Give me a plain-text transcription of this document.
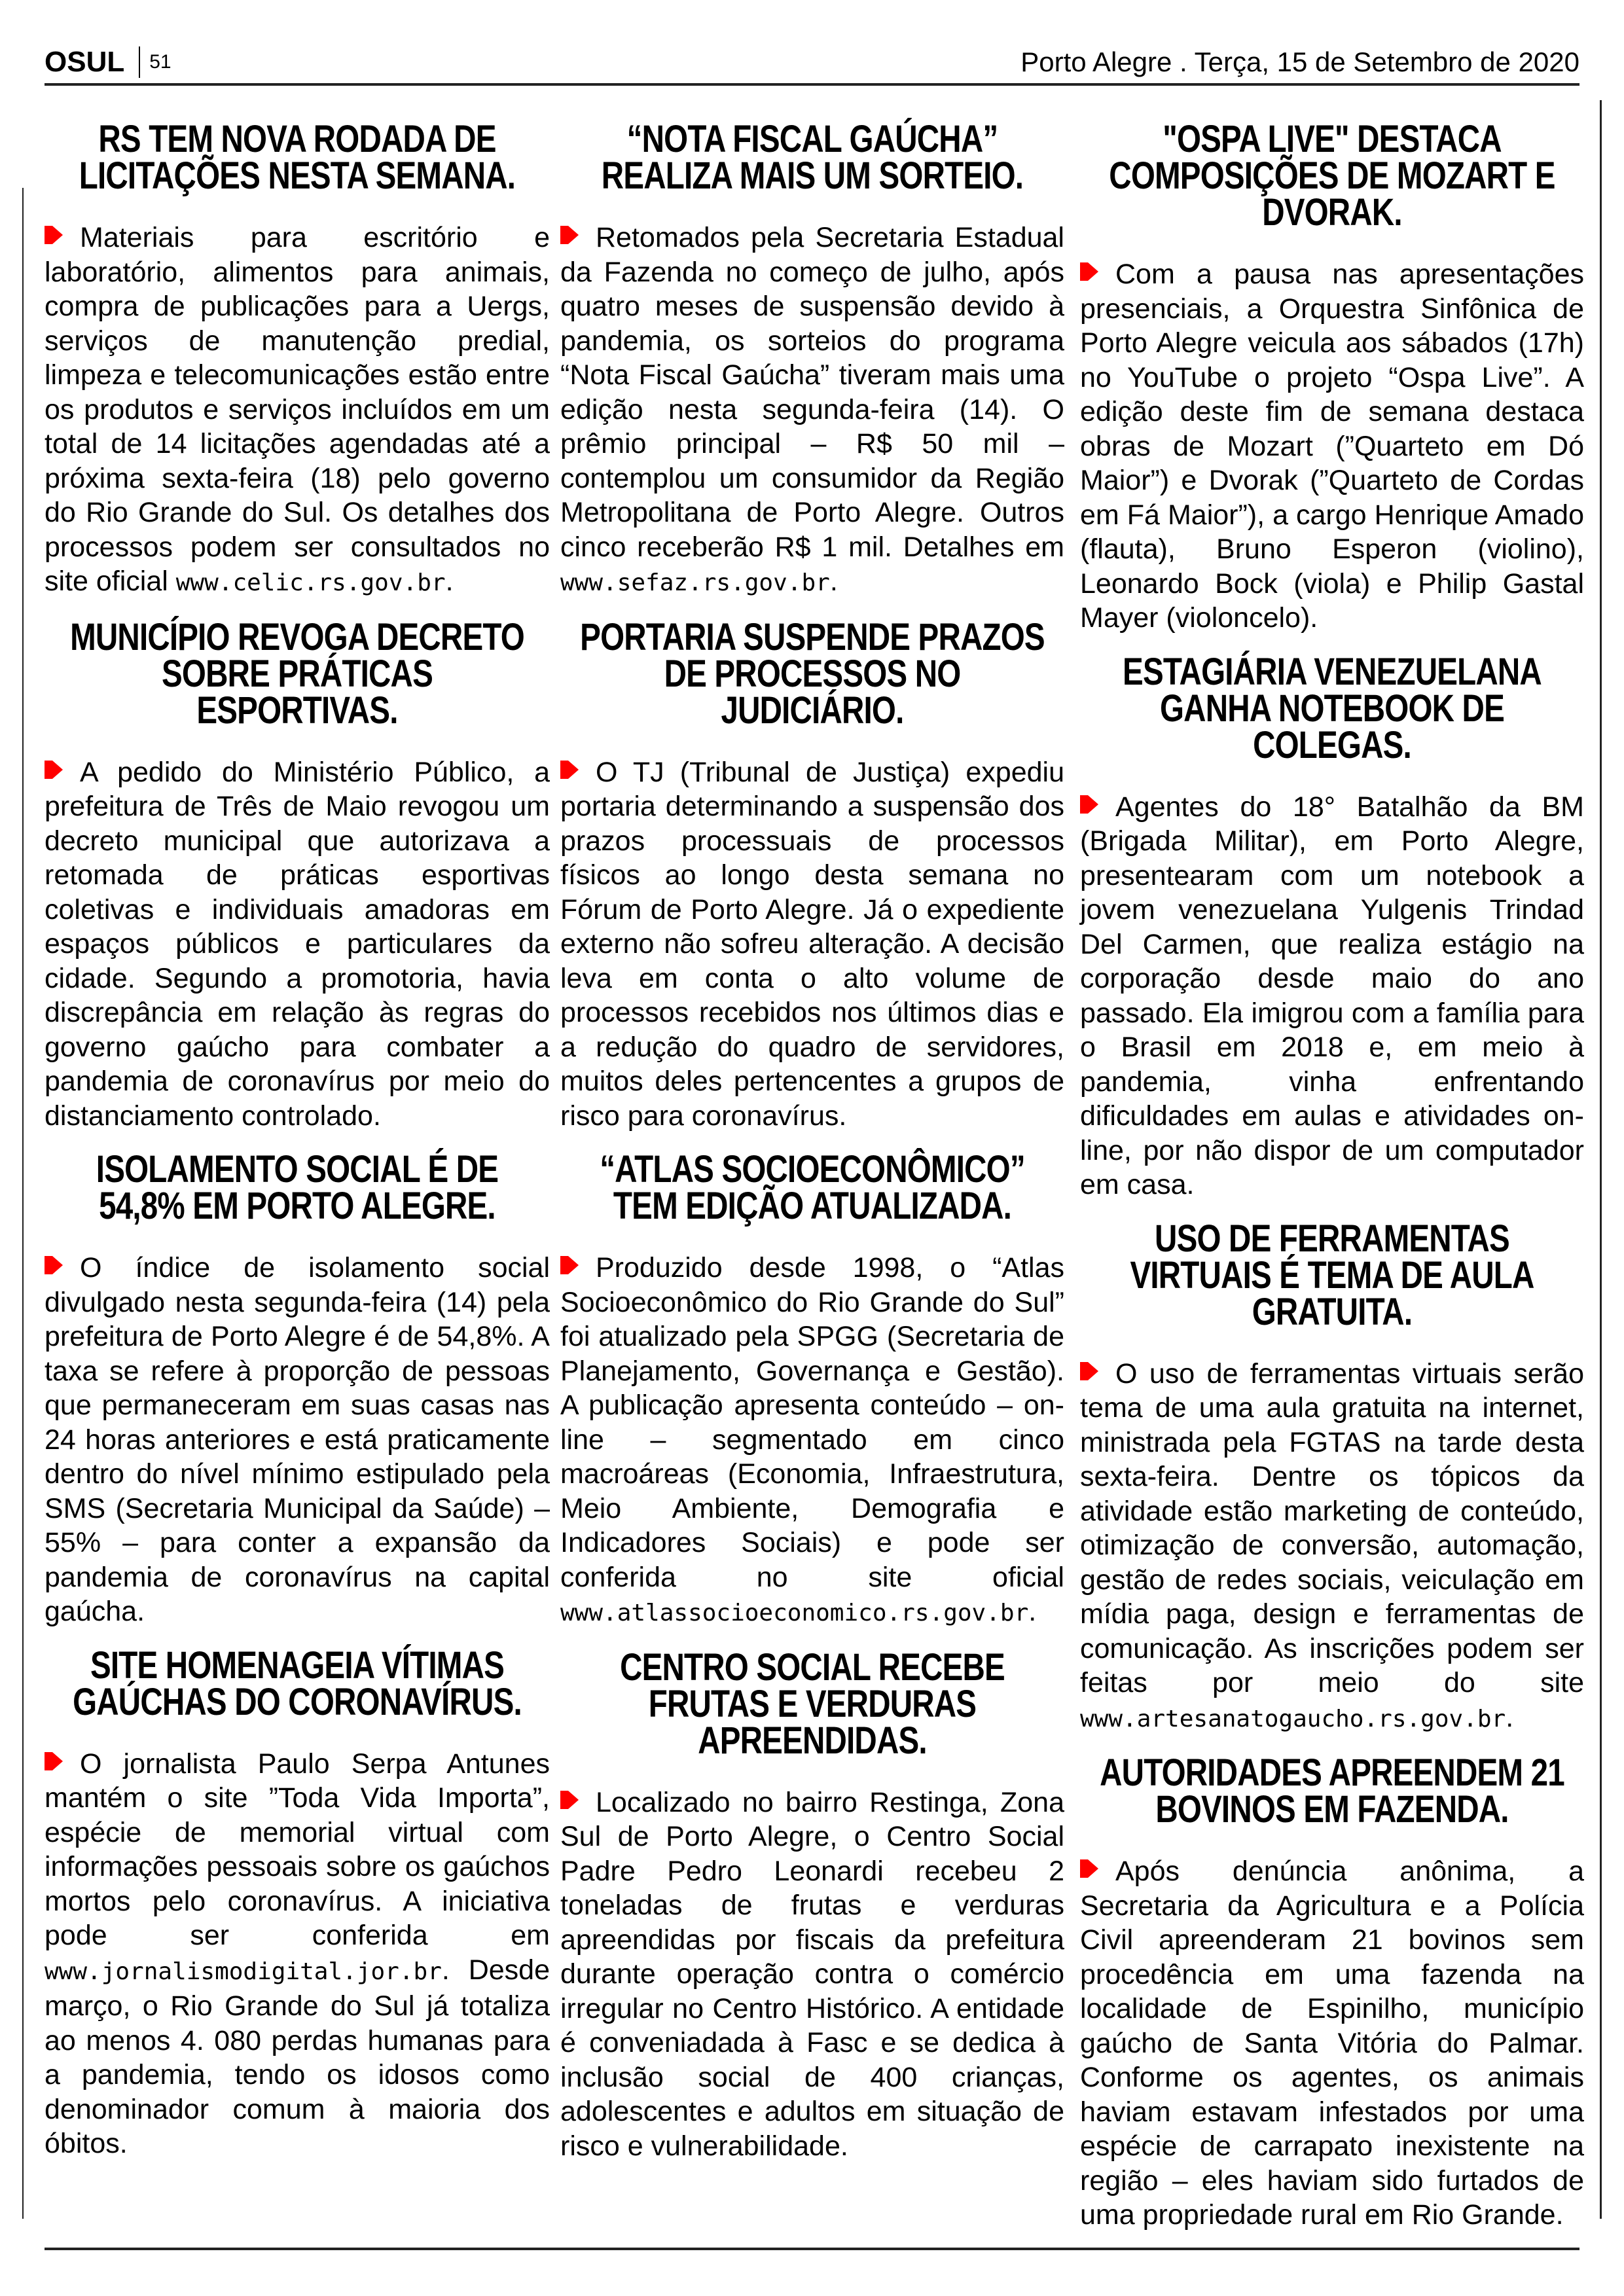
OSUL 51	Porto Alegre . Terça, 15 de Setembro de 2020
RS TEM NOVA RODADA DE LICITAÇÕES NESTA SEMANA.
Materiais para escritório e laboratório, alimentos para animais, compra de publicações para a Uergs, serviços de manutenção predial, limpeza e telecomunicações estão entre os produtos e serviços incluídos em um total de 14 licitações agendadas até a próxima sexta-feira (18) pelo governo do Rio Grande do Sul. Os detalhes dos processos podem ser consultados no site oficial www.celic.rs.gov.br.
MUNICÍPIO REVOGA DECRETO SOBRE PRÁTICAS ESPORTIVAS.
A pedido do Ministério Público, a prefeitura de Três de Maio revogou um decreto municipal que autorizava a retomada de práticas esportivas coletivas e individuais amadoras em espaços públicos e particulares da cidade. Segundo a promotoria, havia discrepância em relação às regras do governo gaúcho para combater a pandemia de coronavírus por meio do distanciamento controlado.
ISOLAMENTO SOCIAL É DE 54,8% EM PORTO ALEGRE.
O índice de isolamento social divulgado nesta segunda-feira (14) pela prefeitura de Porto Alegre é de 54,8%. A taxa se refere à proporção de pessoas que permaneceram em suas casas nas 24 horas anteriores e está praticamente dentro do nível mínimo estipulado pela SMS (Secretaria Municipal da Saúde) – 55% – para conter a expansão da pandemia de coronavírus na capital gaúcha.
SITE HOMENAGEIA VÍTIMAS GAÚCHAS DO CORONAVÍRUS.
O jornalista Paulo Serpa Antunes mantém o site ”Toda Vida Importa”, espécie de memorial virtual com informações pessoais sobre os gaúchos mortos pelo coronavírus. A iniciativa pode ser conferida em www.jornalismodigital.jor.br. Desde março, o Rio Grande do Sul já totaliza ao menos 4. 080 perdas humanas para a pandemia, tendo os idosos como denominador comum à maioria dos óbitos.
“NOTA FISCAL GAÚCHA” REALIZA MAIS UM SORTEIO.
Retomados pela Secretaria Estadual da Fazenda no começo de julho, após quatro meses de suspensão devido à pandemia, os sorteios do programa “Nota Fiscal Gaúcha” tiveram mais uma edição nesta segunda-feira (14). O prêmio principal – R$ 50 mil – contemplou um consumidor da Região Metropolitana de Porto Alegre. Outros cinco receberão R$ 1 mil. Detalhes em www.sefaz.rs.gov.br.
PORTARIA SUSPENDE PRAZOS DE PROCESSOS NO JUDICIÁRIO.
O TJ (Tribunal de Justiça) expediu portaria determinando a suspensão dos prazos processuais de processos físicos ao longo desta semana no Fórum de Porto Alegre. Já o expediente externo não sofreu alteração. A decisão leva em conta o alto volume de processos recebidos nos últimos dias e a redução do quadro de servidores, muitos deles pertencentes a grupos de risco para coronavírus.
“ATLAS SOCIOECONÔMICO” TEM EDIÇÃO ATUALIZADA.
Produzido desde 1998, o “Atlas Socioeconômico do Rio Grande do Sul” foi atualizado pela SPGG (Secretaria de Planejamento, Governança e Gestão). A publicação apresenta conteúdo – on-line – segmentado em cinco macroáreas (Economia, Infraestrutura, Meio Ambiente, Demografia e Indicadores Sociais) e pode ser conferida no site oficial www.atlassocioeconomico.rs.gov.br.
CENTRO SOCIAL RECEBE FRUTAS E VERDURAS APREENDIDAS.
Localizado no bairro Restinga, Zona Sul de Porto Alegre, o Centro Social Padre Pedro Leonardi recebeu 2 toneladas de frutas e verduras apreendidas por fiscais da prefeitura durante operação contra o comércio irregular no Centro Histórico. A entidade é conveniadada à Fasc e se dedica à inclusão social de 400 crianças, adolescentes e adultos em situação de risco e vulnerabilidade.
"OSPA LIVE" DESTACA COMPOSIÇÕES DE MOZART E DVORAK.
Com a pausa nas apresentações presenciais, a Orquestra Sinfônica de Porto Alegre veicula aos sábados (17h) no YouTube o projeto “Ospa Live”. A edição deste fim de semana destaca obras de Mozart (”Quarteto em Dó Maior”) e Dvorak (”Quarteto de Cordas em Fá Maior”), a cargo Henrique Amado (flauta), Bruno Esperon (violino), Leonardo Bock (viola) e Philip Gastal Mayer (violoncelo).
ESTAGIÁRIA VENEZUELANA GANHA NOTEBOOK DE COLEGAS.
Agentes do 18° Batalhão da BM (Brigada Militar), em Porto Alegre, presentearam com um notebook a jovem venezuelana Yulgenis Trindad Del Carmen, que realiza estágio na corporação desde maio do ano passado. Ela imigrou com a família para o Brasil em 2018 e, em meio à pandemia, vinha enfrentando dificuldades em aulas e atividades on-line, por não dispor de um computador em casa.
USO DE FERRAMENTAS VIRTUAIS É TEMA DE AULA GRATUITA.
O uso de ferramentas virtuais serão tema de uma aula gratuita na internet, ministrada pela FGTAS na tarde desta sexta-feira. Dentre os tópicos da atividade estão marketing de conteúdo, otimização de conversão, automação, gestão de redes sociais, veiculação em mídia paga, design e ferramentas de comunicação. As inscrições podem ser feitas por meio do site www.artesanatogaucho.rs.gov.br.
AUTORIDADES APREENDEM 21 BOVINOS EM FAZENDA.
Após denúncia anônima, a Secretaria da Agricultura e a Polícia Civil apreenderam 21 bovinos sem procedência em uma fazenda na localidade de Espinilho, município gaúcho de Santa Vitória do Palmar. Conforme os agentes, os animais haviam estavam infestados por uma espécie de carrapato inexistente na região – eles haviam sido furtados de uma propriedade rural em Rio Grande.
